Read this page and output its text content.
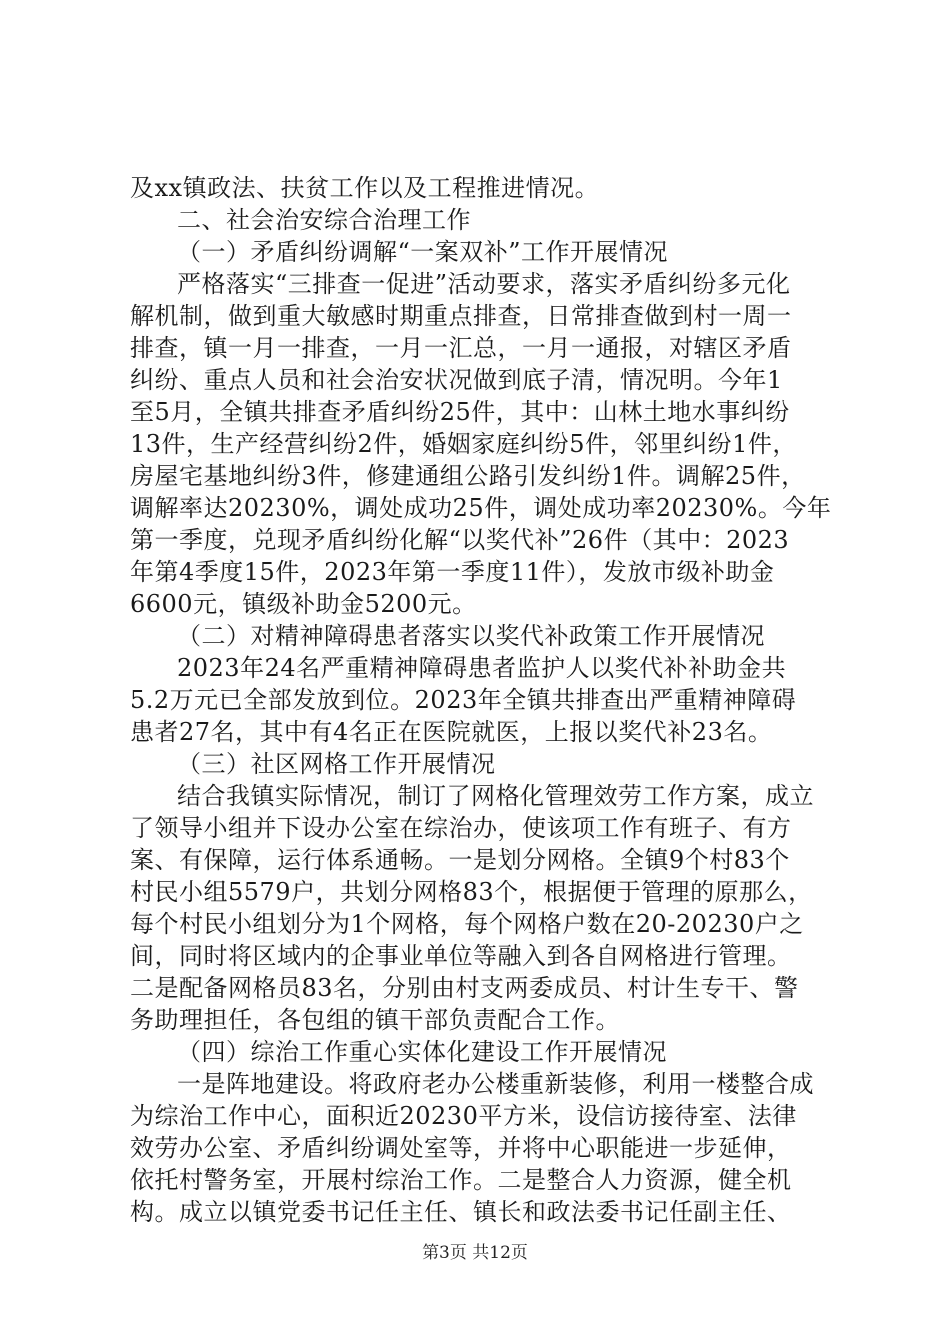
及xx镇政法、扶贫工作以及工程推进情况。
二、社会治安综合治理工作
（一）矛盾纠纷调解“一案双补”工作开展情况
严格落实“三排查一促进”活动要求，落实矛盾纠纷多元化
解机制，做到重大敏感时期重点排查，日常排查做到村一周一
排查，镇一月一排查，一月一汇总，一月一通报，对辖区矛盾
纠纷、重点人员和社会治安状况做到底子清，情况明。今年1
至5月，全镇共排查矛盾纠纷25件，其中：山林土地水事纠纷
13件，生产经营纠纷2件，婚姻家庭纠纷5件，邻里纠纷1件，
房屋宅基地纠纷3件，修建通组公路引发纠纷1件。调解25件，
调解率达20230%，调处成功25件，调处成功率20230%。今年
第一季度，兑现矛盾纠纷化解“以奖代补”26件（其中：2023
年第4季度15件，2023年第一季度11件），发放市级补助金
6600元，镇级补助金5200元。
（二）对精神障碍患者落实以奖代补政策工作开展情况
2023年24名严重精神障碍患者监护人以奖代补补助金共
5.2万元已全部发放到位。2023年全镇共排查出严重精神障碍
患者27名，其中有4名正在医院就医，上报以奖代补23名。
（三）社区网格工作开展情况
结合我镇实际情况，制订了网格化管理效劳工作方案，成立
了领导小组并下设办公室在综治办，使该项工作有班子、有方
案、有保障，运行体系通畅。一是划分网格。全镇9个村83个
村民小组5579户，共划分网格83个，根据便于管理的原那么，
每个村民小组划分为1个网格，每个网格户数在20-20230户之
间，同时将区域内的企事业单位等融入到各自网格进行管理。
二是配备网格员83名，分别由村支两委成员、村计生专干、警
务助理担任，各包组的镇干部负责配合工作。
（四）综治工作重心实体化建设工作开展情况
一是阵地建设。将政府老办公楼重新装修，利用一楼整合成
为综治工作中心，面积近20230平方米，设信访接待室、法律
效劳办公室、矛盾纠纷调处室等，并将中心职能进一步延伸，
依托村警务室，开展村综治工作。二是整合人力资源，健全机
构。成立以镇党委书记任主任、镇长和政法委书记任副主任、
第3页 共12页
